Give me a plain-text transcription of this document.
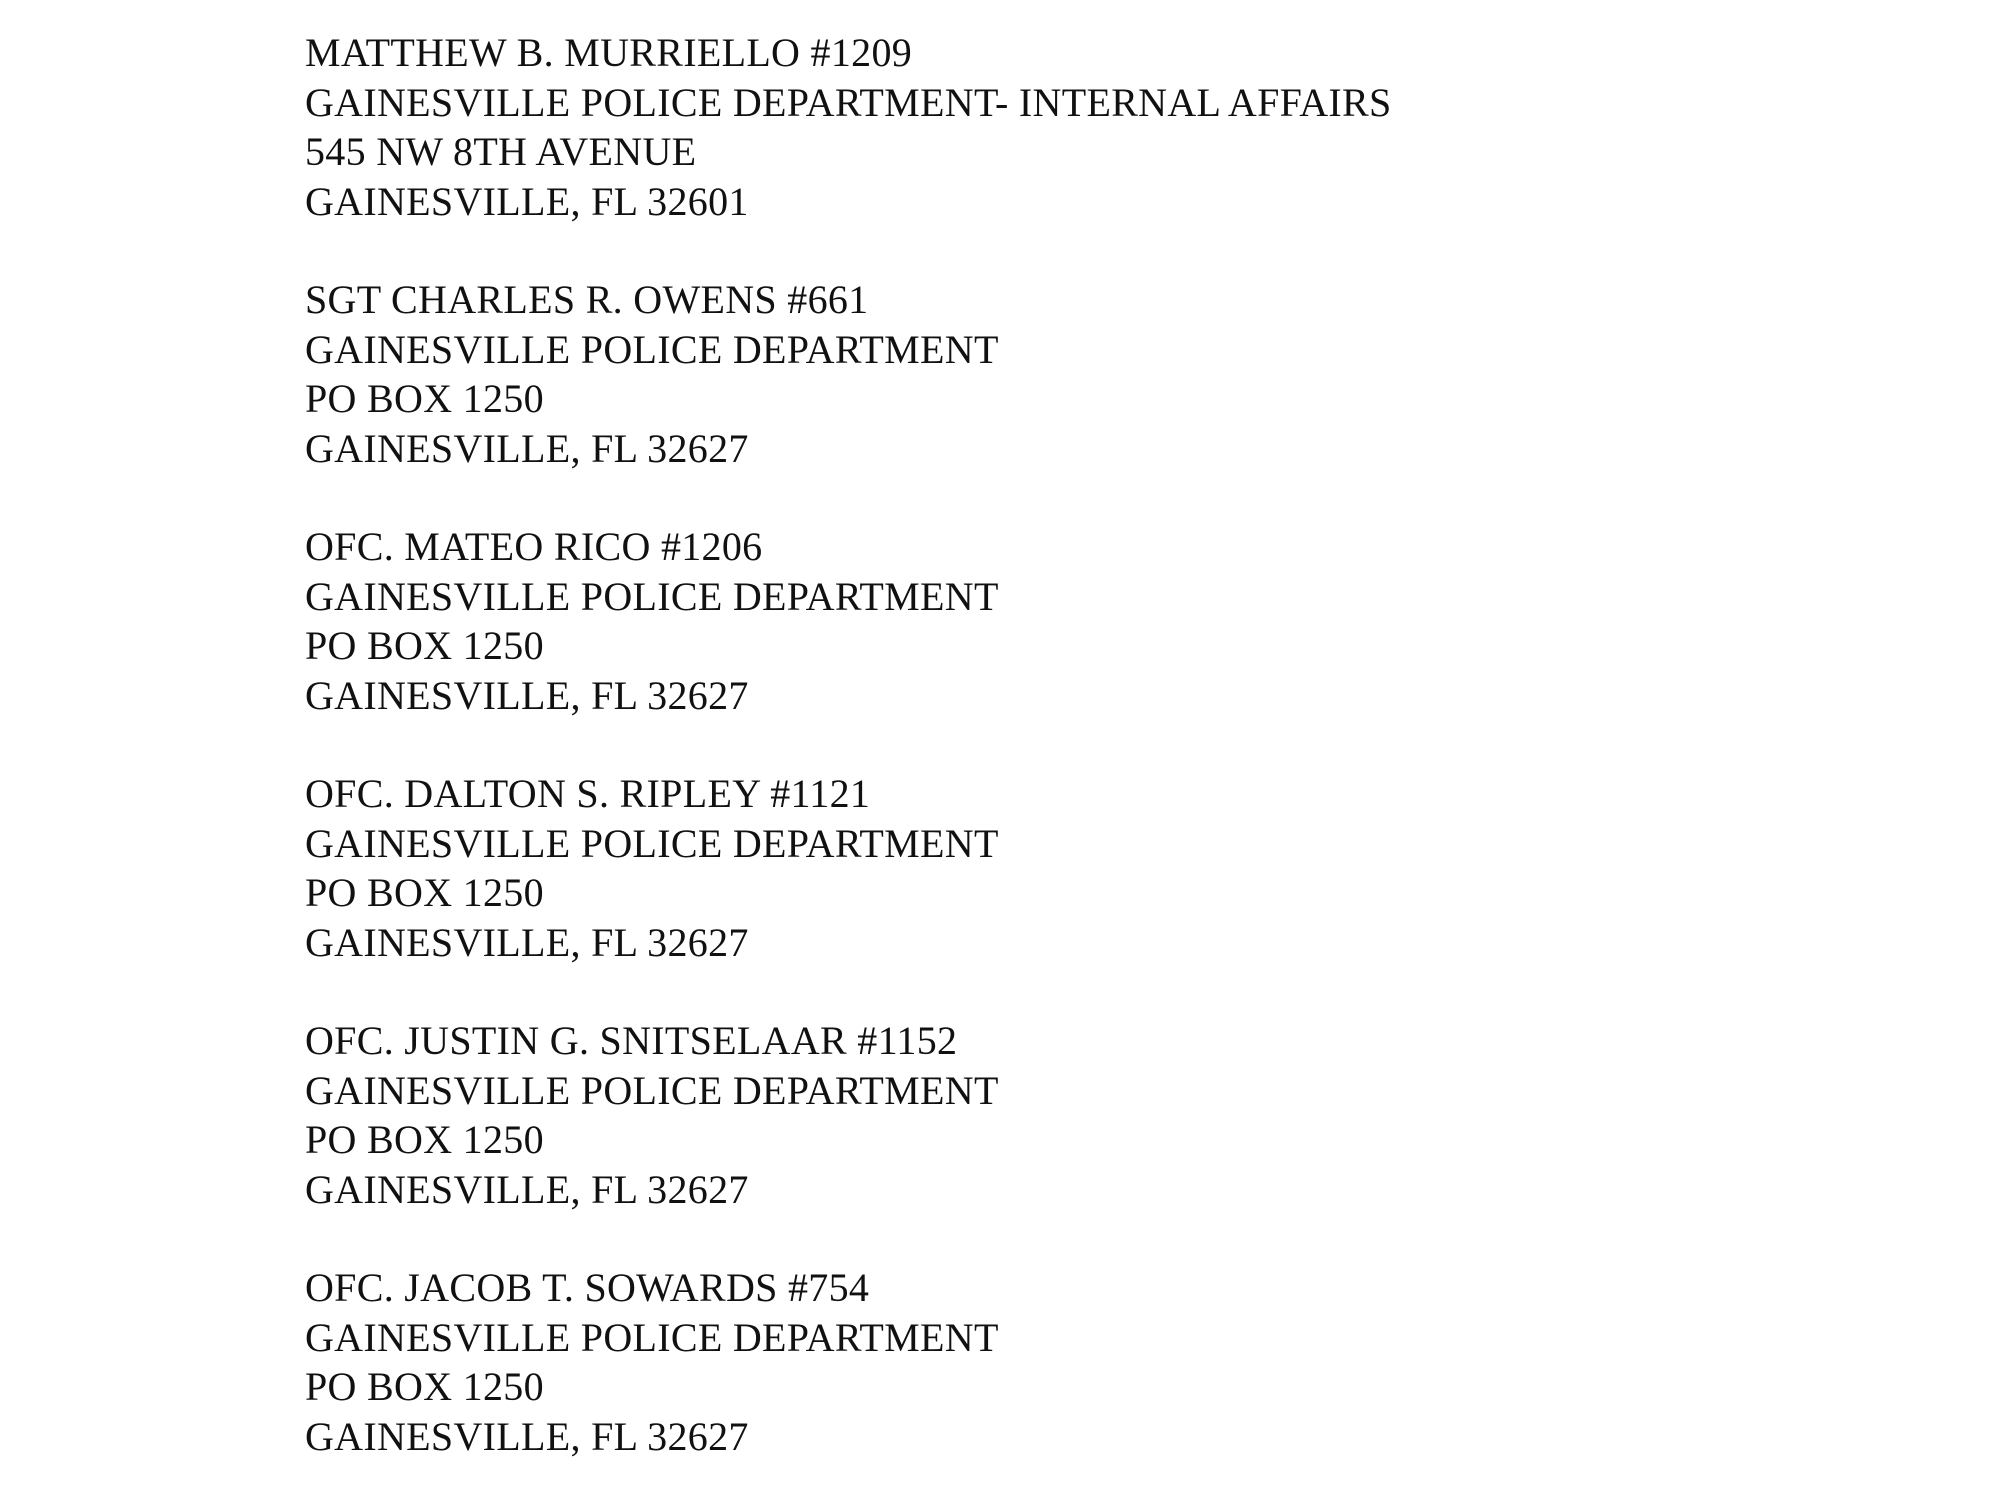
MATTHEW B. MURRIELLO #1209
GAINESVILLE POLICE DEPARTMENT- INTERNAL AFFAIRS
545 NW 8TH AVENUE
GAINESVILLE, FL 32601
SGT CHARLES R. OWENS #661
GAINESVILLE POLICE DEPARTMENT
PO BOX 1250
GAINESVILLE, FL 32627
OFC. MATEO RICO #1206
GAINESVILLE POLICE DEPARTMENT
PO BOX 1250
GAINESVILLE, FL 32627
OFC. DALTON S. RIPLEY #1121
GAINESVILLE POLICE DEPARTMENT
PO BOX 1250
GAINESVILLE, FL 32627
OFC. JUSTIN G. SNITSELAAR #1152
GAINESVILLE POLICE DEPARTMENT
PO BOX 1250
GAINESVILLE, FL 32627
OFC. JACOB T. SOWARDS #754
GAINESVILLE POLICE DEPARTMENT
PO BOX 1250
GAINESVILLE, FL 32627
